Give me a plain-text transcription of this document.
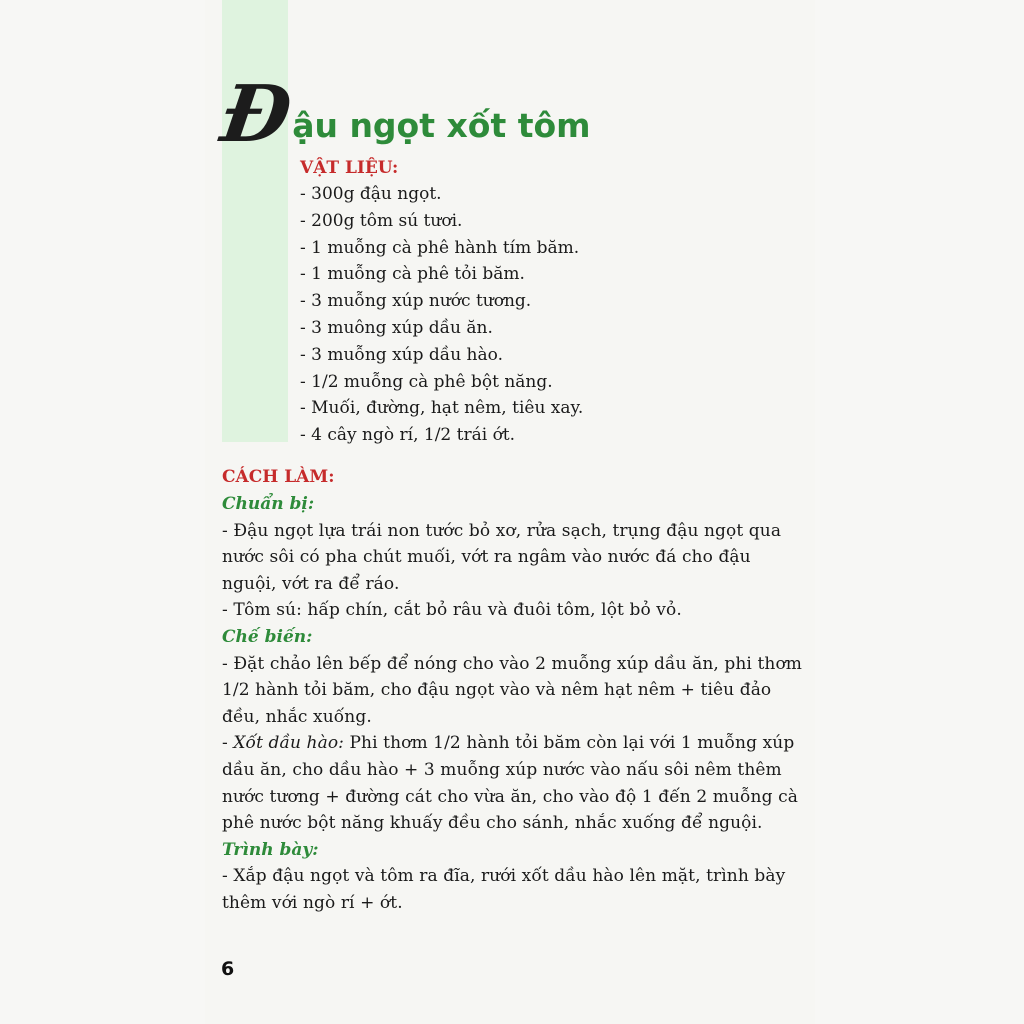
Đ
ậu ngọt xốt tôm
VẬT LIỆU:
- 300g đậu ngọt.
- 200g tôm sú tươi.
- 1 muỗng cà phê hành tím băm.
- 1 muỗng cà phê tỏi băm.
- 3 muỗng xúp nước tương.
- 3 muông xúp dầu ăn.
- 3 muỗng xúp dầu hào.
- 1/2 muỗng cà phê bột năng.
- Muối, đường, hạt nêm, tiêu xay.
- 4 cây ngò rí, 1/2 trái ớt.
CÁCH LÀM:
Chuẩn bị:

- Đậu ngọt lựa trái non tước bỏ xơ, rửa sạch, trụng đậu ngọt qua nước sôi có pha chút muối, vớt ra ngâm vào nước đá cho đậu nguội, vớt ra để ráo.

- Tôm sú: hấp chín, cắt bỏ râu và đuôi tôm, lột bỏ vỏ.

Chế biến:

- Đặt chảo lên bếp để nóng cho vào 2 muỗng xúp dầu ăn, phi thơm 1/2 hành tỏi băm, cho đậu ngọt vào và nêm hạt nêm + tiêu đảo đều, nhắc xuống.

- Xốt dầu hào: Phi thơm 1/2 hành tỏi băm còn lại với 1 muỗng xúp dầu ăn, cho dầu hào + 3 muỗng xúp nước vào nấu sôi nêm thêm nước tương + đường cát cho vừa ăn, cho vào độ 1 đến 2 muỗng cà phê nước bột năng khuấy đều cho sánh, nhắc xuống để nguội.

Trình bày:

- Xắp đậu ngọt và tôm ra đĩa, rưới xốt dầu hào lên mặt, trình bày thêm với ngò rí + ớt.

6
